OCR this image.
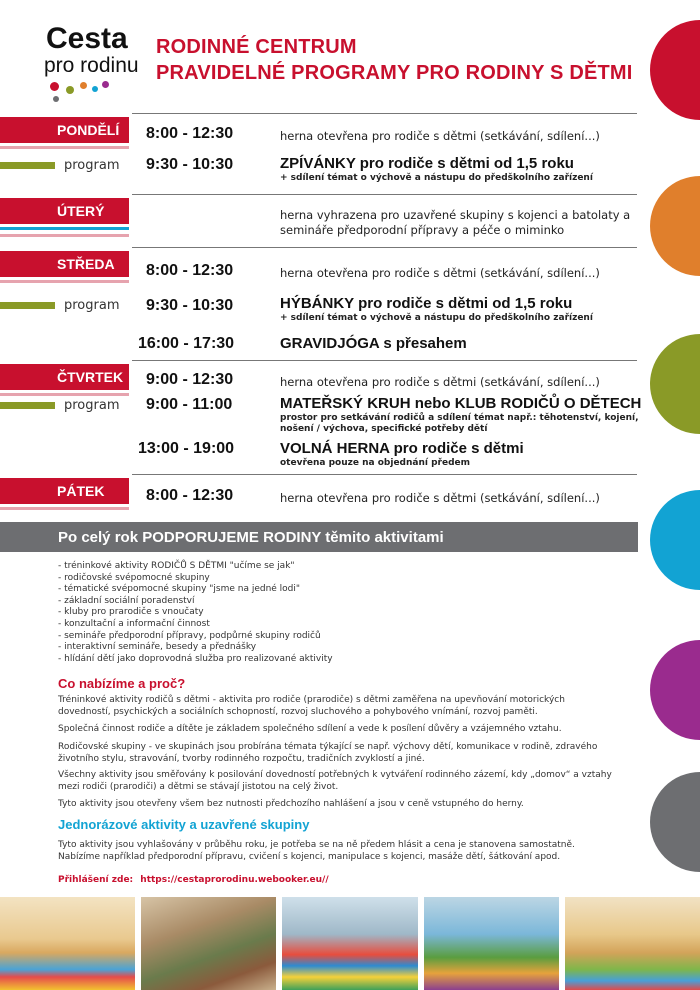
Cesta
pro rodinu
RODINNÉ CENTRUM
PRAVIDELNÉ PROGRAMY PRO RODINY S DĚTMI
PONDĚLÍ 8:00 - 12:30	herna otevřena pro rodiče s dětmi (setkávání, sdílení...)
program 9:30 - 10:30	ZPÍVÁNKY pro rodiče s dětmi od 1,5 roku
+ sdílení témat o výchově a nástupu do předškolního zařízení
ÚTERÝ	herna vyhrazena pro uzavřené skupiny s kojenci a batolaty a
semináře předporodní přípravy a péče o miminko
STŘEDA 8:00 - 12:30	herna otevřena pro rodiče s dětmi (setkávání, sdílení...)
program 9:30 - 10:30	HÝBÁNKY pro rodiče s dětmi od 1,5 roku
+ sdílení témat o výchově a nástupu do předškolního zařízení
16:00 - 17:30	GRAVIDJÓGA s přesahem
ČTVRTEK 9:00 - 12:30	herna otevřena pro rodiče s dětmi (setkávání, sdílení...)
program 9:00 - 11:00	MATEŘSKÝ KRUH nebo KLUB RODIČŮ O DĚTECH
prostor pro setkávání rodičů a sdílení témat např.: těhotenství, kojení,
nošení / výchova, specifické potřeby dětí
13:00 - 19:00	VOLNÁ HERNA pro rodiče s dětmi
otevřena pouze na objednání předem
PÁTEK	8:00 - 12:30	herna otevřena pro rodiče s dětmi (setkávání, sdílení...)
Po celý rok PODPORUJEME RODINY těmito aktivitami
- tréninkové aktivity RODIČŮ S DĚTMI "učíme se jak"
- rodičovské svépomocné skupiny
- tématické svépomocné skupiny "jsme na jedné lodi"
- základní sociální poradenství
- kluby pro prarodiče s vnoučaty
- konzultační a informační činnost
- semináře předporodní přípravy, podpůrné skupiny rodičů
- interaktivní semináře, besedy a přednášky
- hlídání dětí jako doprovodná služba pro realizované aktivity
Co nabízíme a proč?
Tréninkové aktivity rodičů s dětmi - aktivita pro rodiče (prarodiče) s dětmi zaměřena na upevňování motorických dovedností, psychických a sociálních schopností, rozvoj sluchového a pohybového vnímání, rozvoj paměti.
Společná činnost rodiče a dítěte je základem společného sdílení a vede k posílení důvěry a vzájemného vztahu.
Rodičovské skupiny - ve skupinách jsou probírána témata týkající se např. výchovy dětí, komunikace v rodině, zdravého životního stylu, stravování, tvorby rodinného rozpočtu, tradičních zvyklostí a jiné.
Všechny aktivity jsou směřovány k posilování dovedností potřebných k vytváření rodinného zázemí, kdy „domov“ a vztahy mezi rodiči (prarodiči) a dětmi se stávají jistotou na celý život.
Tyto aktivity jsou otevřeny všem bez nutnosti předchozího nahlášení a jsou v ceně vstupného do herny.
Jednorázové aktivity a uzavřené skupiny
Tyto aktivity jsou vyhlašovány v průběhu roku, je potřeba se na ně předem hlásit a cena je stanovena samostatně. Nabízíme například předporodní přípravu, cvičení s kojenci, manipulace s kojenci, masáže dětí, šátkování apod.
Přihlášení zde: https://cestaprorodinu.webooker.eu//
